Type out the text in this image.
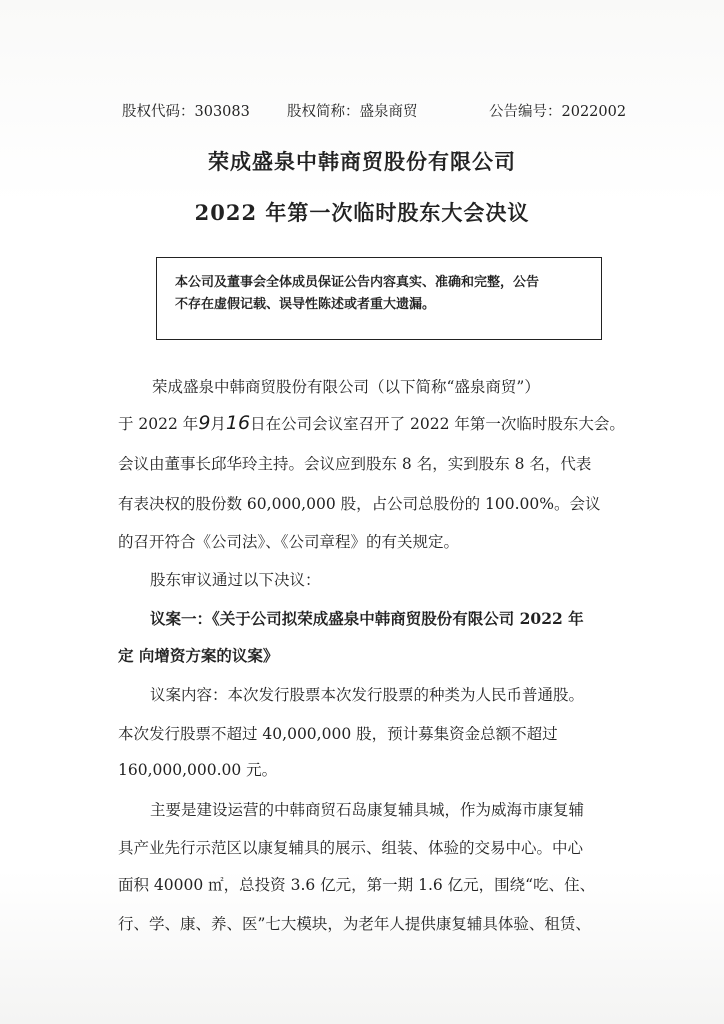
股权代码：303083	股权简称：盛泉商贸	公告编号：2022002
荣成盛泉中韩商贸股份有限公司
2022 年第一次临时股东大会决议
本公司及董事会全体成员保证公告内容真实、准确和完整，公告
不存在虚假记载、误导性陈述或者重大遗漏。
荣成盛泉中韩商贸股份有限公司（以下简称“盛泉商贸”）
于 2022 年9月16日在公司会议室召开了 2022 年第一次临时股东大会。
会议由董事长邱华玲主持。会议应到股东 8 名，实到股东 8 名，代表
有表决权的股份数 60,000,000 股，占公司总股份的 100.00%。会议
的召开符合《公司法》、《公司章程》的有关规定。
股东审议通过以下决议：
议案一：《关于公司拟荣成盛泉中韩商贸股份有限公司 2022 年
定 向增资方案的议案》
议案内容：本次发行股票本次发行股票的种类为人民币普通股。
本次发行股票不超过 40,000,000 股，预计募集资金总额不超过
160,000,000.00 元。
主要是建设运营的中韩商贸石岛康复辅具城，作为威海市康复辅
具产业先行示范区以康复辅具的展示、组装、体验的交易中心。中心
面积 40000 ㎡，总投资 3.6 亿元，第一期 1.6 亿元，围绕“吃、住、
行、学、康、养、医”七大模块，为老年人提供康复辅具体验、租赁、
